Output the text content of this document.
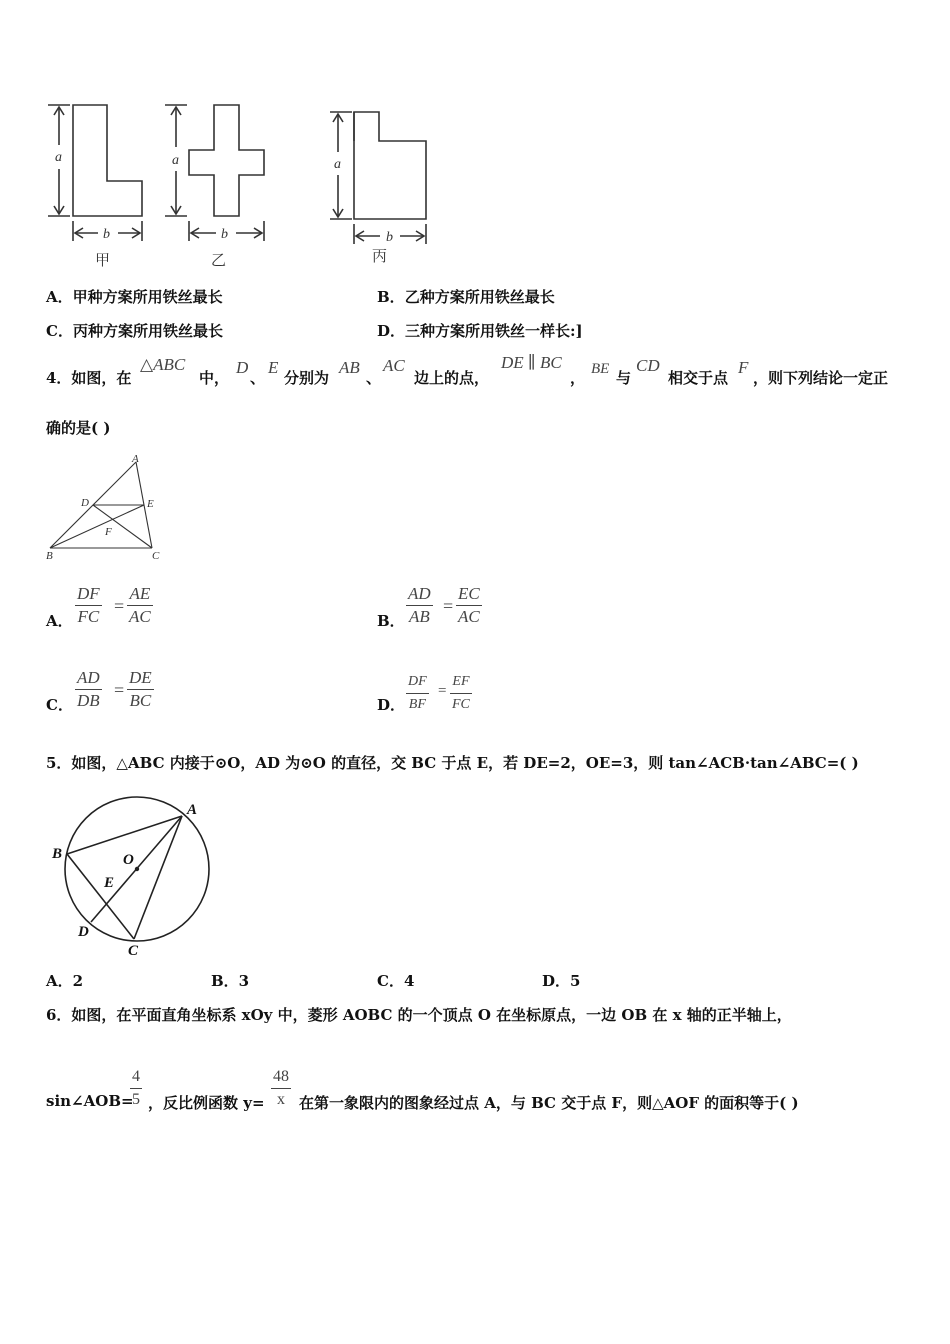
a
b
a
b
a
b
甲	乙	丙
A．甲种方案所用铁丝最长	B．乙种方案所用铁丝最长
C．丙种方案所用铁丝最长	D．三种方案所用铁丝一样长:]
4．如图，在
△ABC
中，
D
、
E
分别为
AB
、
AC
边上的点，
DE ∥ BC
， BE 与
CD
相交于点
F
，则下列结论一定正
确的是( )
A
B	C
D	E
F
A． $\frac{DF}{FC} = \frac{AE}{AC}$	B． $\frac{AD}{AB} = \frac{EC}{AC}$
C． $\frac{AD}{DB} = \frac{DE}{BC}$	D． $\frac{DF}{BF} = \frac{EF}{FC}$
5．如图，△ABC 内接于⊙O，AD 为⊙O 的直径，交 BC 于点 E，若 DE=2，OE=3，则 tan∠ACB·tan∠ABC=( )
A
B
C
D
E
O
A．2	B．3	C．4	D．5
6．如图，在平面直角坐标系 xOy 中，菱形 AOBC 的一个顶点 O 在坐标原点，一边 OB 在 x 轴的正半轴上，
sin∠AOB=
$\frac{4}{5}$ ，反比例函数 $y= \frac{48}{x}$ 在第一象限内的图象经过点 A，与 BC 交于点 F，则△AOF 的面积等于( )
